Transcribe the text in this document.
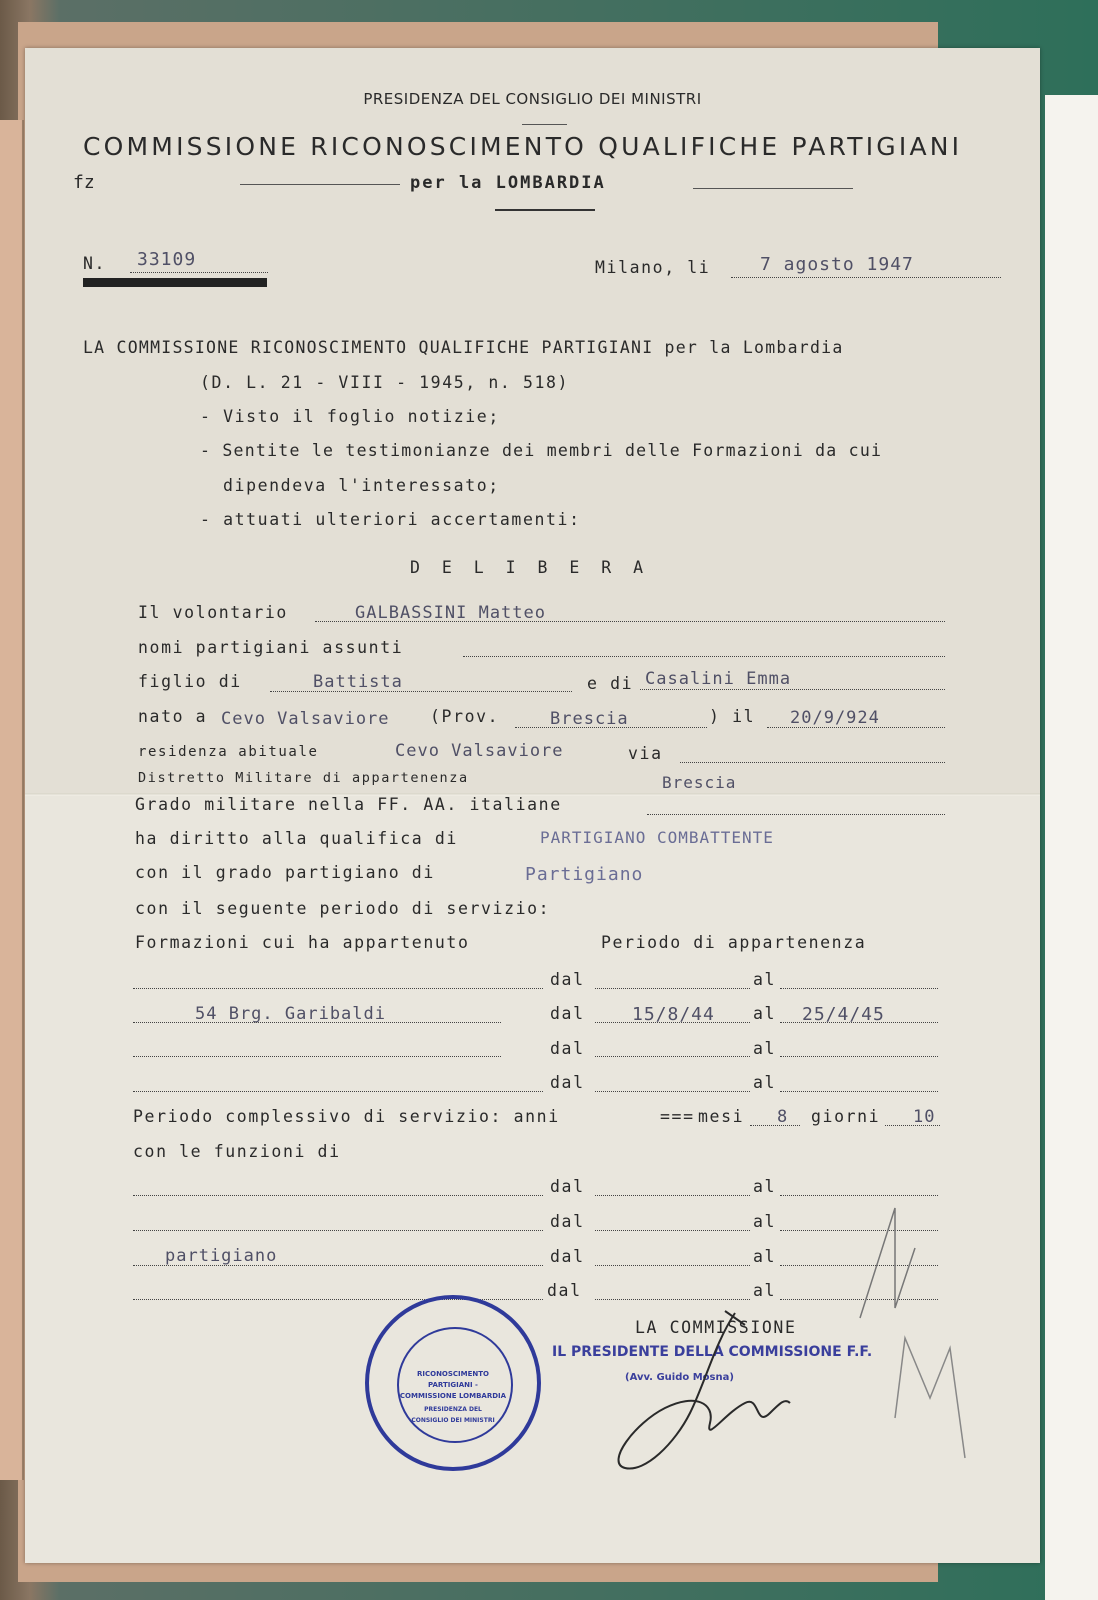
PRESIDENZA DEL CONSIGLIO DEI MINISTRI
COMMISSIONE RICONOSCIMENTO QUALIFICHE PARTIGIANI
fz	per la LOMBARDIA
N. 33109	Milano, li	7 agosto 1947
LA COMMISSIONE RICONOSCIMENTO QUALIFICHE PARTIGIANI per la Lombardia
(D. L. 21 - VIII - 1945, n. 518)
- Visto il foglio notizie;
- Sentite le testimonianze dei membri delle Formazioni da cui
dipendeva l'interessato;
- attuati ulteriori accertamenti:
D E L I B E R A
Il volontario	GALBASSINI Matteo
nomi partigiani assunti
figlio di	Battista	e di Casalini Emma
nato a Cevo Valsaviore (Prov.	Brescia	) il 20/9/924
residenza abituale	Cevo Valsaviore	via
Distretto Militare di appartenenza	Brescia
Grado militare nella FF. AA. italiane
ha diritto alla qualifica di	PARTIGIANO COMBATTENTE
con il grado partigiano di	Partigiano
con il seguente periodo di servizio:
Formazioni cui ha appartenuto	Periodo di appartenenza
dal	al
54 Brg. Garibaldi	dal	15/8/44 al 25/4/45
dal	al
dal	al
Periodo complessivo di servizio: anni	=== mesi 8 giorni 10
con le funzioni di
dal	al
dal	al
partigiano	dal	al
dal	al
LA COMMISSIONE
IL PRESIDENTE DELLA COMMISSIONE F.F.
(Avv. Guido Mosna)
RICONOSCIMENTO PARTIGIANI - COMMISSIONE LOMBARDIA
PRESIDENZA DEL CONSIGLIO DEI MINISTRI
